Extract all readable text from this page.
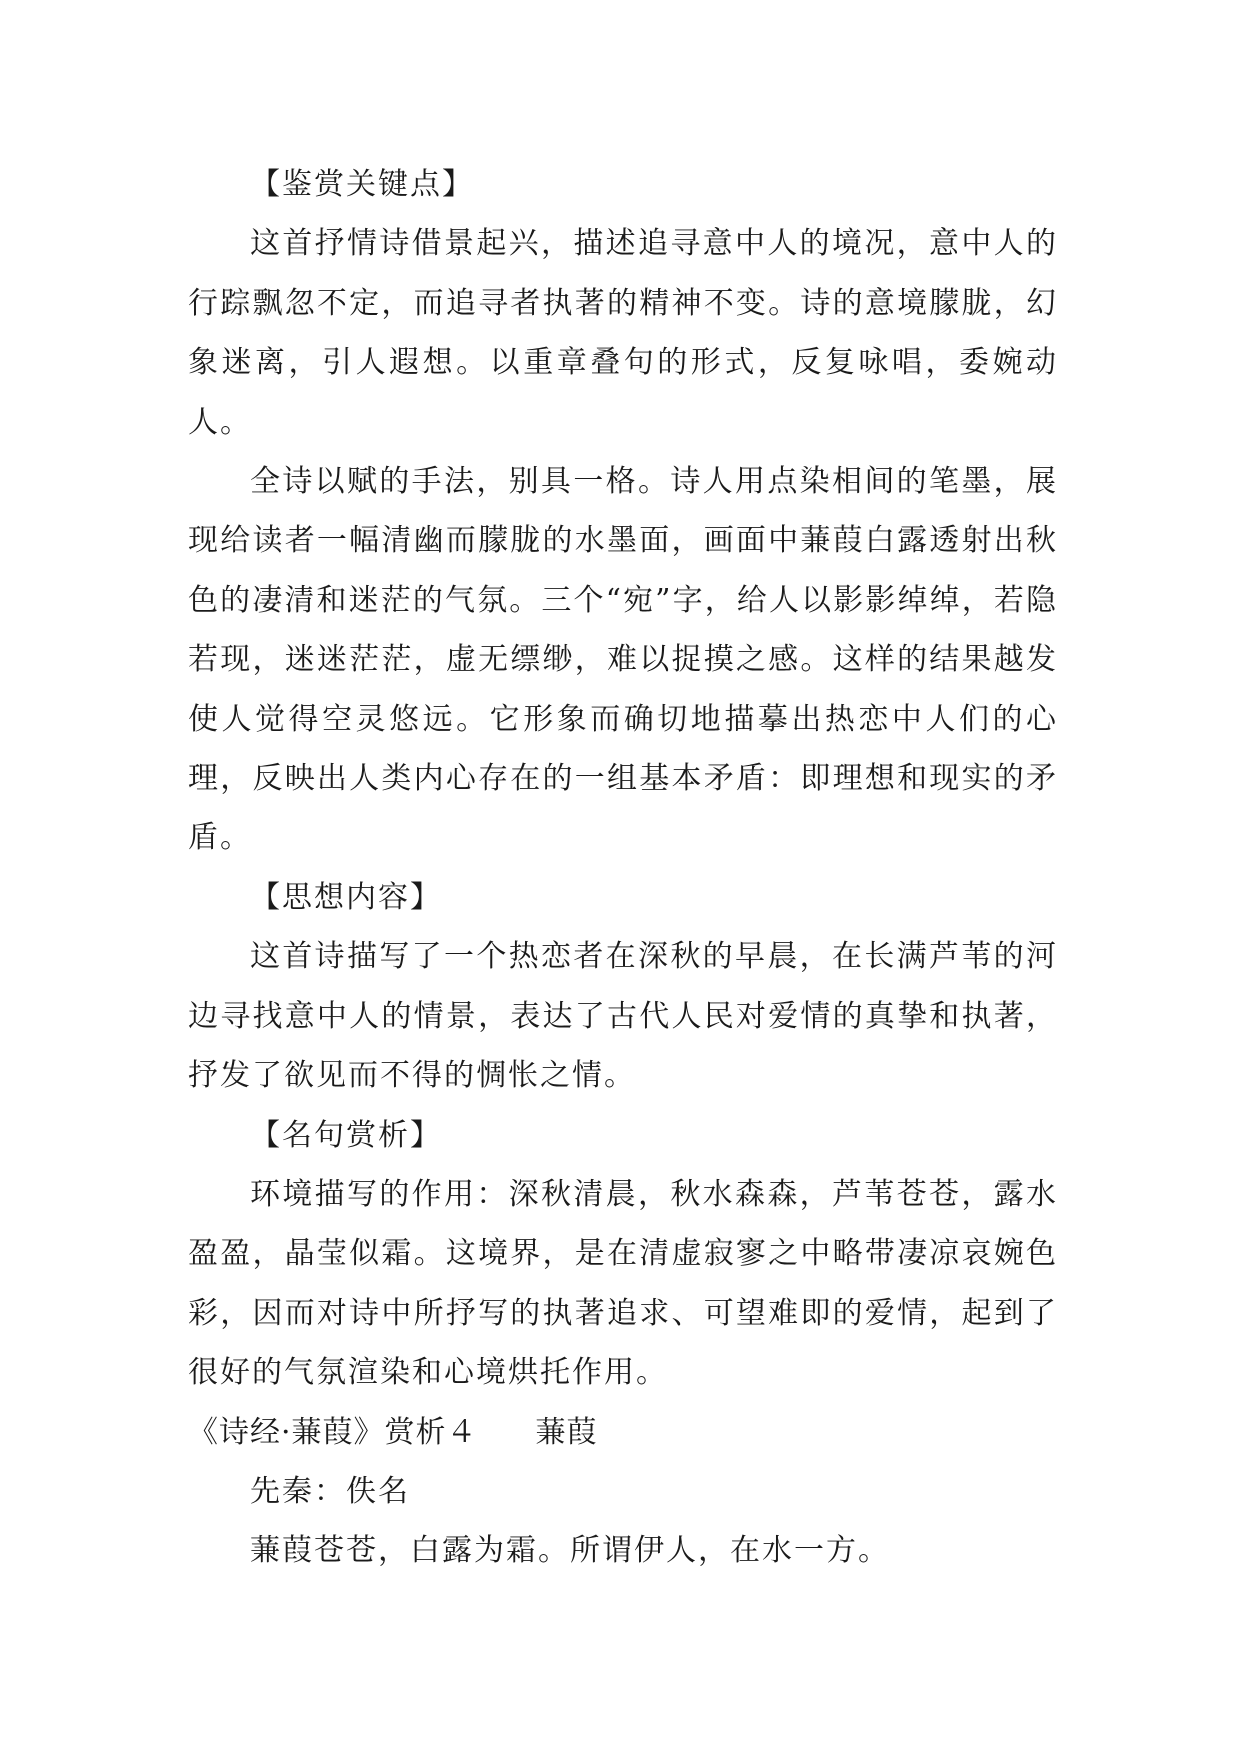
【鉴赏关键点】

这首抒情诗借景起兴，描述追寻意中人的境况，意中人的行踪飘忽不定，而追寻者执著的精神不变。诗的意境朦胧，幻象迷离，引人遐想。以重章叠句的形式，反复咏唱，委婉动人。

全诗以赋的手法，别具一格。诗人用点染相间的笔墨，展现给读者一幅清幽而朦胧的水墨面，画面中蒹葭白露透射出秋色的凄清和迷茫的气氛。三个“宛”字，给人以影影绰绰，若隐若现，迷迷茫茫，虚无缥缈，难以捉摸之感。这样的结果越发使人觉得空灵悠远。它形象而确切地描摹出热恋中人们的心理，反映出人类内心存在的一组基本矛盾：即理想和现实的矛盾。

【思想内容】

这首诗描写了一个热恋者在深秋的早晨，在长满芦苇的河边寻找意中人的情景，表达了古代人民对爱情的真挚和执著，抒发了欲见而不得的惆怅之情。

【名句赏析】

环境描写的作用：深秋清晨，秋水森森，芦苇苍苍，露水盈盈，晶莹似霜。这境界，是在清虚寂寥之中略带凄凉哀婉色彩，因而对诗中所抒写的执著追求、可望难即的爱情，起到了很好的气氛渲染和心境烘托作用。

《诗经·蒹葭》赏析４ 蒹葭

先秦：佚名

蒹葭苍苍，白露为霜。所谓伊人，在水一方。
